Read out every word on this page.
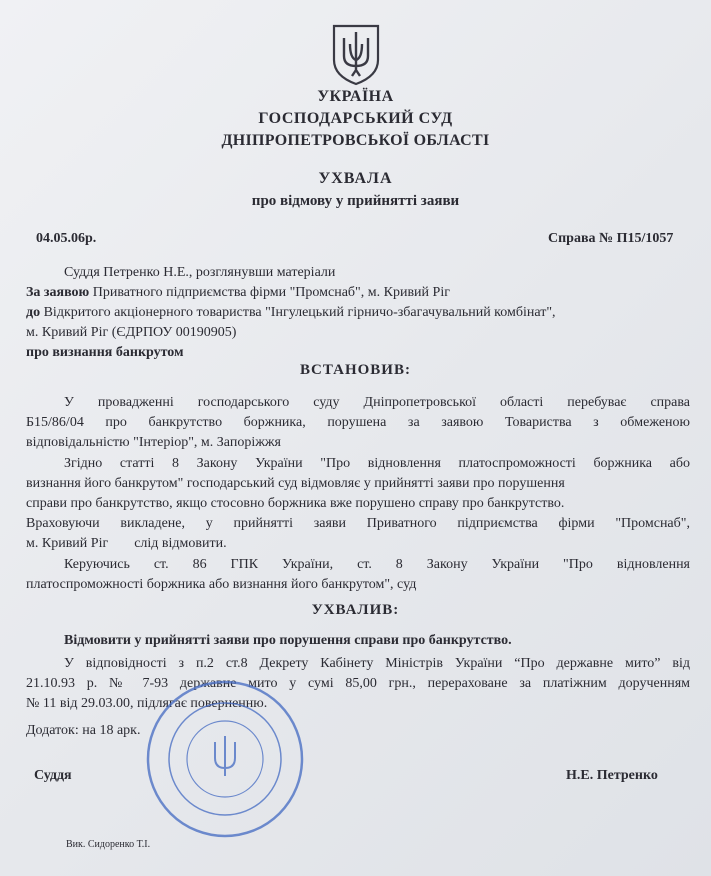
УКРАЇНА
ГОСПОДАРСЬКИЙ СУД
ДНІПРОПЕТРОВСЬКОЇ ОБЛАСТІ
УХВАЛА
про відмову у прийнятті заяви
04.05.06р.	Справа № П15/1057
Суддя Петренко Н.Е., розглянувши матеріали
За заявою Приватного підприємства фірми "Промснаб", м. Кривий Ріг
до Відкритого акціонерного товариства "Інгулецький гірничо-збагачувальний комбінат",
м. Кривий Ріг (ЄДРПОУ 00190905)
про визнання банкрутом
ВСТАНОВИВ:
У провадженні господарського суду Дніпропетровської області перебуває справа
Б15/86/04 про банкрутство боржника, порушена за заявою Товариства з обмеженою
відповідальністю "Інтеріор", м. Запоріжжя
Згідно статті 8 Закону України "Про відновлення платоспроможності боржника або
визнання його банкрутом" господарський суд відмовляє у прийнятті заяви про порушення
справи про банкрутство, якщо стосовно боржника вже порушено справу про банкрутство.
Враховуючи викладене, у прийнятті заяви Приватного підприємства фірми "Промснаб",
м. Кривий Ріг слід відмовити.
Керуючись ст. 86 ГПК України, ст. 8 Закону України "Про відновлення
платоспроможності боржника або визнання його банкрутом", суд
УХВАЛИВ:
Відмовити у прийнятті заяви про порушення справи про банкрутство.
У відповідності з п.2 ст.8 Декрету Кабінету Міністрів України “Про державне мито” від
21.10.93 р. № 7-93 державне мито у сумі 85,00 грн., перераховане за платіжним дорученням
№ 11 від 29.03.00, підлягає поверненню.
Додаток: на 18 арк.
Суддя	Н.Е. Петренко
Вик. Сидоренко Т.І.
